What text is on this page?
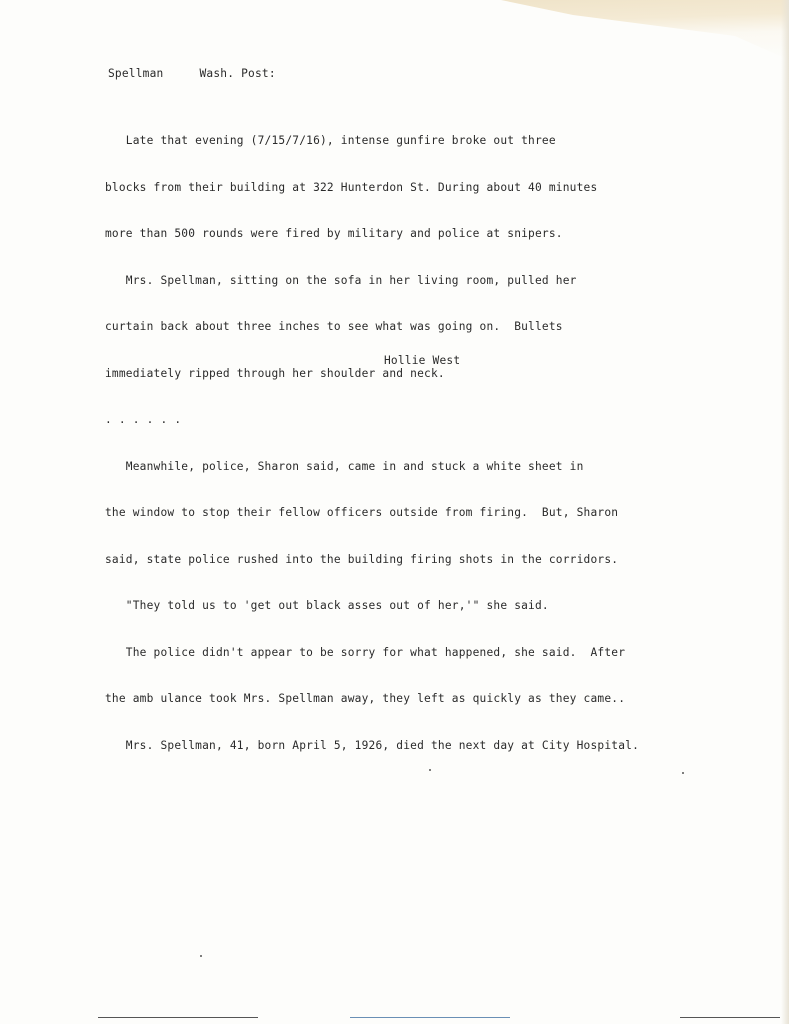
Spellman	Wash. Post:

Late that evening (7/15/7/16), intense gunfire broke out three

blocks from their building at 322 Hunterdon St. During about 40 minutes

more than 500 rounds were fired by military and police at snipers.

Mrs. Spellman, sitting on the sofa in her living room, pulled her

curtain back about three inches to see what was going on.  Bullets

immediately ripped through her shoulder and neck.

. . . . . .

Meanwhile, police, Sharon said, came in and stuck a white sheet in

the window to stop their fellow officers outside from firing.  But, Sharon

said, state police rushed into the building firing shots in the corridors.

"They told us to 'get out black asses out of her,'" she said.

The police didn't appear to be sorry for what happened, she said.  After

the amb ulance took Mrs. Spellman away, they left as quickly as they came..

Mrs. Spellman, 41, born April 5, 1926, died the next day at City Hospital.

Hollie West
